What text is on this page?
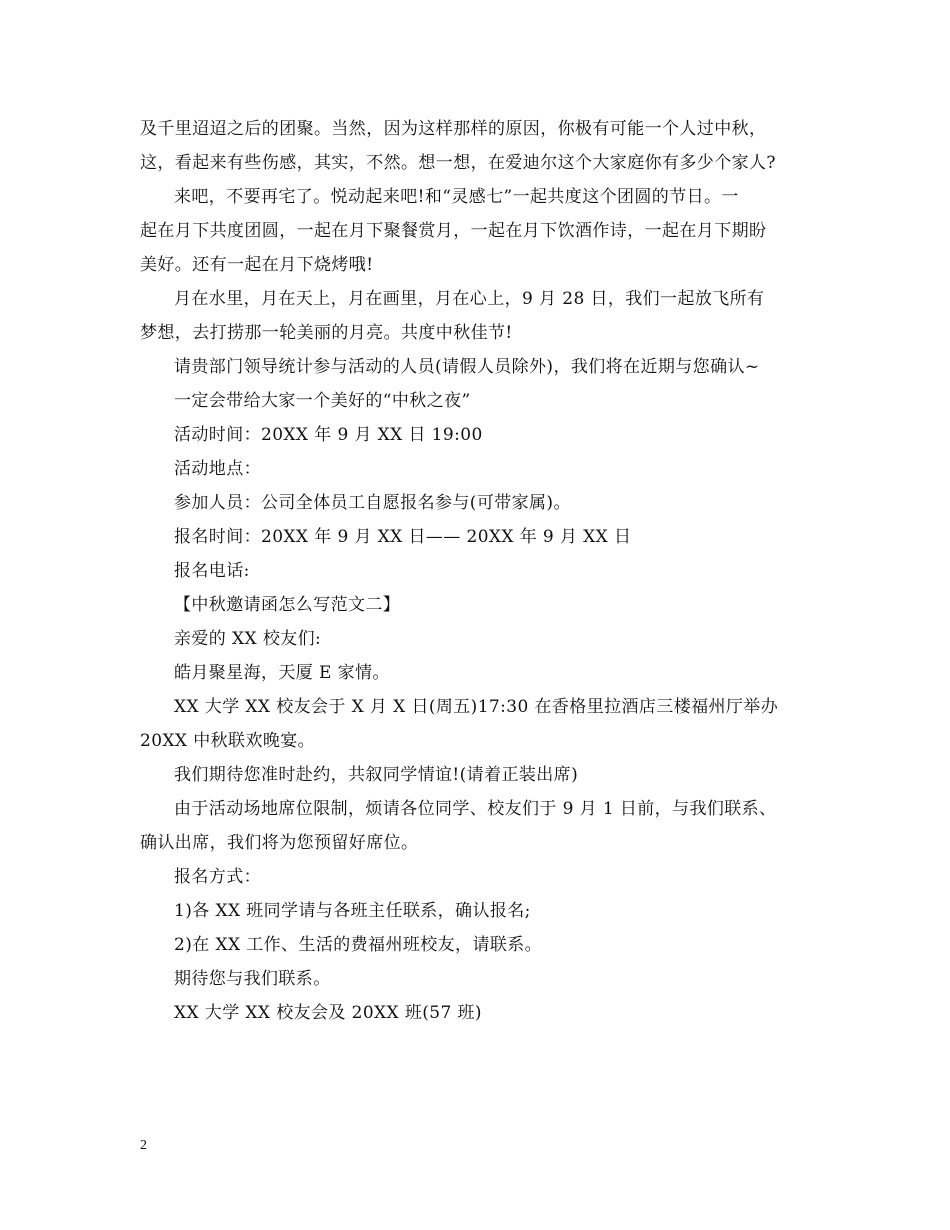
及千里迢迢之后的团聚。当然，因为这样那样的原因，你极有可能一个人过中秋，

这，看起来有些伤感，其实，不然。想一想，在爱迪尔这个大家庭你有多少个家人?

来吧，不要再宅了。悦动起来吧!和“灵感七”一起共度这个团圆的节日。一

起在月下共度团圆，一起在月下聚餐赏月，一起在月下饮酒作诗，一起在月下期盼

美好。还有一起在月下烧烤哦!

月在水里，月在天上，月在画里，月在心上，9 月 28 日，我们一起放飞所有

梦想，去打捞那一轮美丽的月亮。共度中秋佳节!

请贵部门领导统计参与活动的人员(请假人员除外)，我们将在近期与您确认~

一定会带给大家一个美好的“中秋之夜”

活动时间：20XX 年 9 月 XX 日 19:00

活动地点：

参加人员：公司全体员工自愿报名参与(可带家属)。

报名时间：20XX 年 9 月 XX 日—— 20XX 年 9 月 XX 日

报名电话:

【中秋邀请函怎么写范文二】

亲爱的 XX 校友们:

皓月聚星海，天厦 E 家情。

XX 大学 XX 校友会于 X 月 X 日(周五)17:30 在香格里拉酒店三楼福州厅举办

20XX 中秋联欢晚宴。

我们期待您准时赴约，共叙同学情谊!(请着正装出席)

由于活动场地席位限制，烦请各位同学、校友们于 9 月 1 日前，与我们联系、

确认出席，我们将为您预留好席位。

报名方式：

1)各 XX 班同学请与各班主任联系，确认报名;

2)在 XX 工作、生活的费福州班校友，请联系。

期待您与我们联系。

XX 大学 XX 校友会及 20XX 班(57 班)

2
